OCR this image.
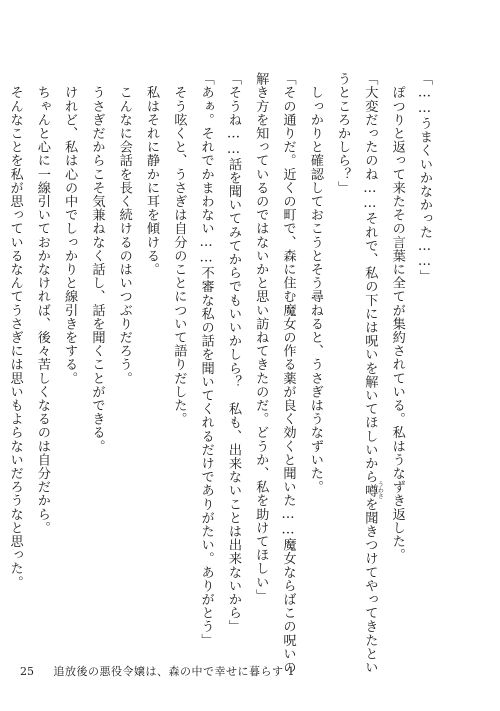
「……うまくいかなかった……」
　ぽつりと返って来たその言葉に全てが集約されている。私はうなずき返した。
「大変だったのね……それで、私の下には呪いを解いてほしいから噂 うわさを聞きつけてやってきたとい
うところかしら？」
　しっかりと確認しておこうとそう尋ねると、うさぎはうなずいた。
「その通りだ。近くの町で、森に住む魔女の作る薬が良く効くと聞いた……魔女ならばこの呪いの
解き方を知っているのではないかと思い訪ねてきたのだ。どうか、私を助けてほしい」
「そうね……話を聞いてみてからでもいいかしら？　私も、出来ないことは出来ないから」
「あぁ。それでかまわない……不審な私の話を聞いてくれるだけでありがたい。ありがとう」
　そう呟くと、うさぎは自分のことについて語りだした。
　私はそれに静かに耳を傾ける。
　こんなに会話を長く続けるのはいつぶりだろう。
　うさぎだからこそ気兼ねなく話し、話を聞くことができる。
　けれど、私は心の中でしっかりと線引きをする。
　ちゃんと心に一線引いておかなければ、後々苦しくなるのは自分だから。
　そんなことを私が思っているなんてうさぎには思いもよらないだろうなと思った。
25 追放後の悪役令嬢は、森の中で幸せに暮らす 1
